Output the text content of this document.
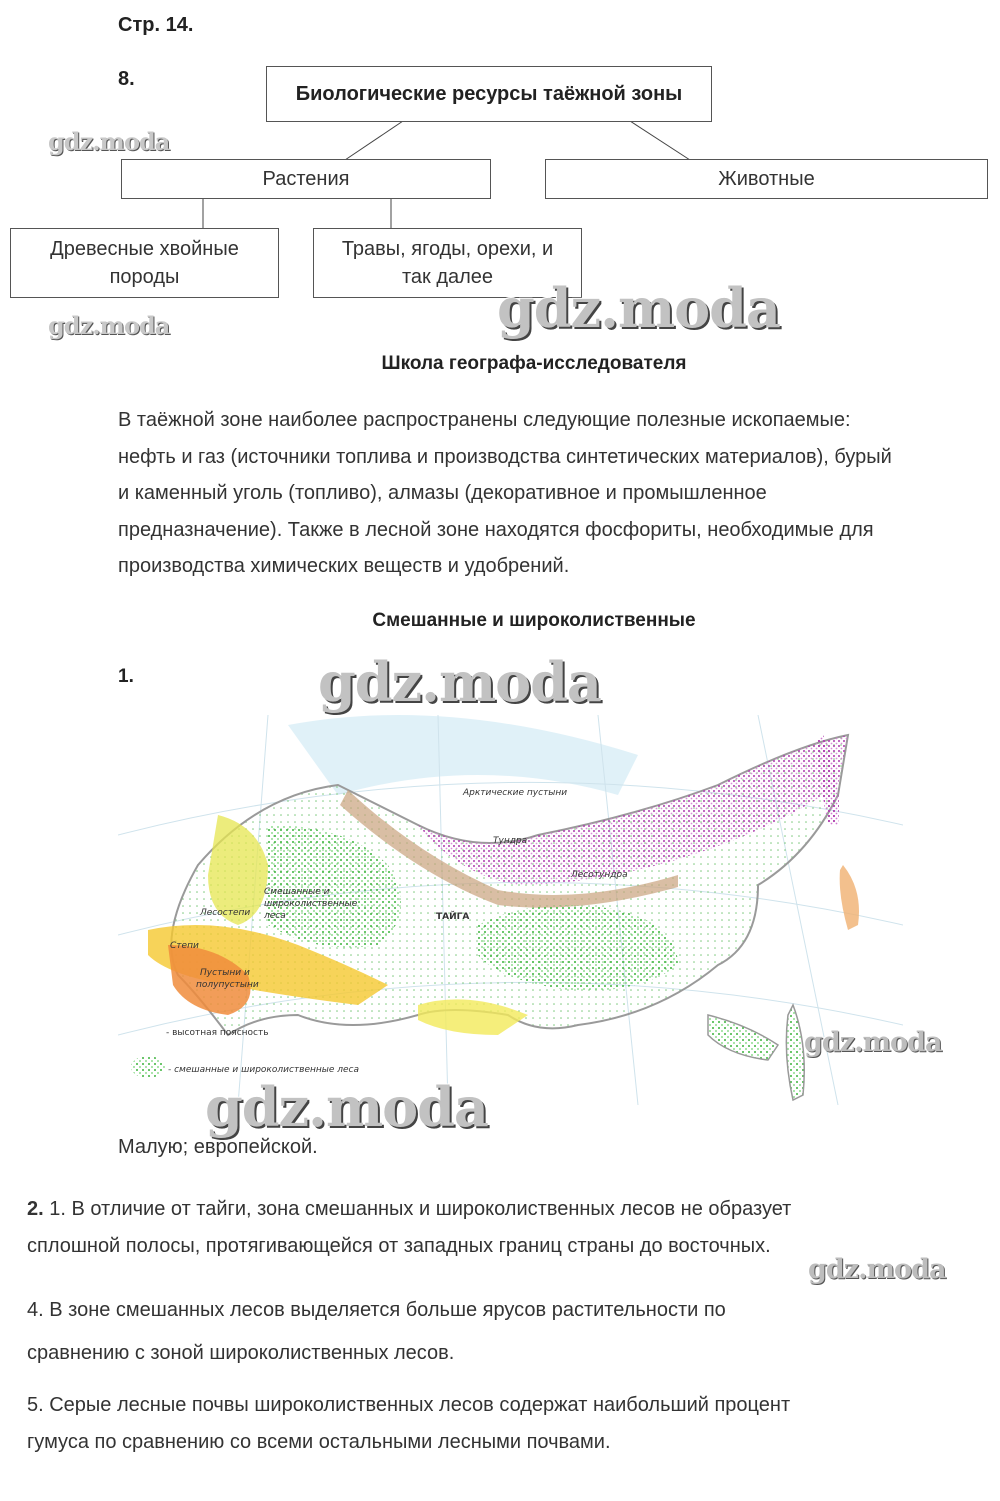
Стр. 14.
8.
Биологические ресурсы таёжной зоны
Растения	Животные
Древесные хвойные
породы
Травы, ягоды, орехи, и
так далее
gdz.moda
gdz.moda	gdz.moda
Школа географа-исследователя
В таёжной зоне наиболее распространены следующие полезные ископаемые:
нефть и газ (источники топлива и производства синтетических материалов), бурый
и каменный уголь (топливо), алмазы (декоративное и промышленное
предназначение). Также в лесной зоне находятся фосфориты, необходимые для
производства химических веществ и удобрений.
Смешанные и широколиственные
1.	gdz.moda
Арктические пустыни
Тундра
Лесотундра
ТАЙГА
Смешанные и
широколиственные
леса
Лесостепи
Степи
Пустыни и
полупустыни
- высотная поясность
- смешанные и широколиственные леса
gdz.moda
gdz.moda
Малую; европейской.
2. 1. В отличие от тайги, зона смешанных и широколиственных лесов не образует
сплошной полосы, протягивающейся от западных границ страны до восточных.
gdz.moda
4. В зоне смешанных лесов выделяется больше ярусов растительности по
сравнению с зоной широколиственных лесов.
5. Серые лесные почвы широколиственных лесов содержат наибольший процент
гумуса по сравнению со всеми остальными лесными почвами.
